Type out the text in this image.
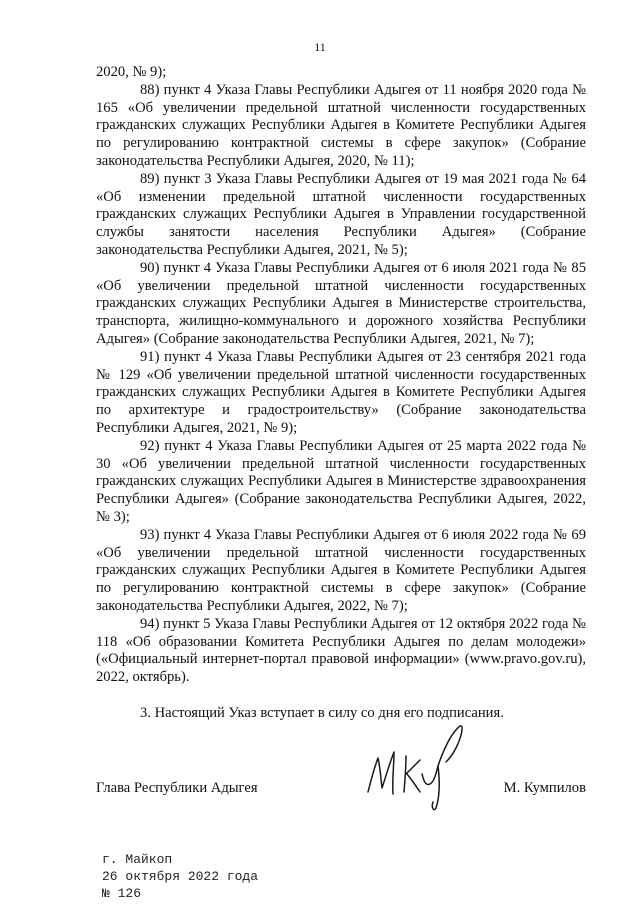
11

2020, № 9);

88) пункт 4 Указа Главы Республики Адыгея от 11 ноября 2020 года № 165 «Об увеличении предельной штатной численности государственных гражданских служащих Республики Адыгея в Комитете Республики Адыгея по регулированию контрактной системы в сфере закупок» (Собрание законодательства Республики Адыгея, 2020, № 11);

89) пункт 3 Указа Главы Республики Адыгея от 19 мая 2021 года № 64 «Об изменении предельной штатной численности государственных гражданских служащих Республики Адыгея в Управлении государственной службы занятости населения Республики Адыгея» (Собрание законодательства Республики Адыгея, 2021, № 5);

90) пункт 4 Указа Главы Республики Адыгея от 6 июля 2021 года № 85 «Об увеличении предельной штатной численности государственных гражданских служащих Республики Адыгея в Министерстве строительства, транспорта, жилищно-коммунального и дорожного хозяйства Республики Адыгея» (Собрание законодательства Республики Адыгея, 2021, № 7);

91) пункт 4 Указа Главы Республики Адыгея от 23 сентября 2021 года № 129 «Об увеличении предельной штатной численности государственных гражданских служащих Республики Адыгея в Комитете Республики Адыгея по архитектуре и градостроительству» (Собрание законодательства Республики Адыгея, 2021, № 9);

92) пункт 4 Указа Главы Республики Адыгея от 25 марта 2022 года № 30 «Об увеличении предельной штатной численности государственных гражданских служащих Республики Адыгея в Министерстве здравоохранения Республики Адыгея» (Собрание законодательства Республики Адыгея, 2022, № 3);

93) пункт 4 Указа Главы Республики Адыгея от 6 июля 2022 года № 69 «Об увеличении предельной штатной численности государственных гражданских служащих Республики Адыгея в Комитете Республики Адыгея по регулированию контрактной системы в сфере закупок» (Собрание законодательства Республики Адыгея, 2022, № 7);

94) пункт 5 Указа Главы Республики Адыгея от 12 октября 2022 года № 118 «Об образовании Комитета Республики Адыгея по делам молодежи» («Официальный интернет-портал правовой информации» (www.pravo.gov.ru), 2022, октябрь).

3. Настоящий Указ вступает в силу со дня его подписания.

Глава Республики Адыгея	М. Кумпилов
г. Майкоп
26 октября 2022 года
№ 126
